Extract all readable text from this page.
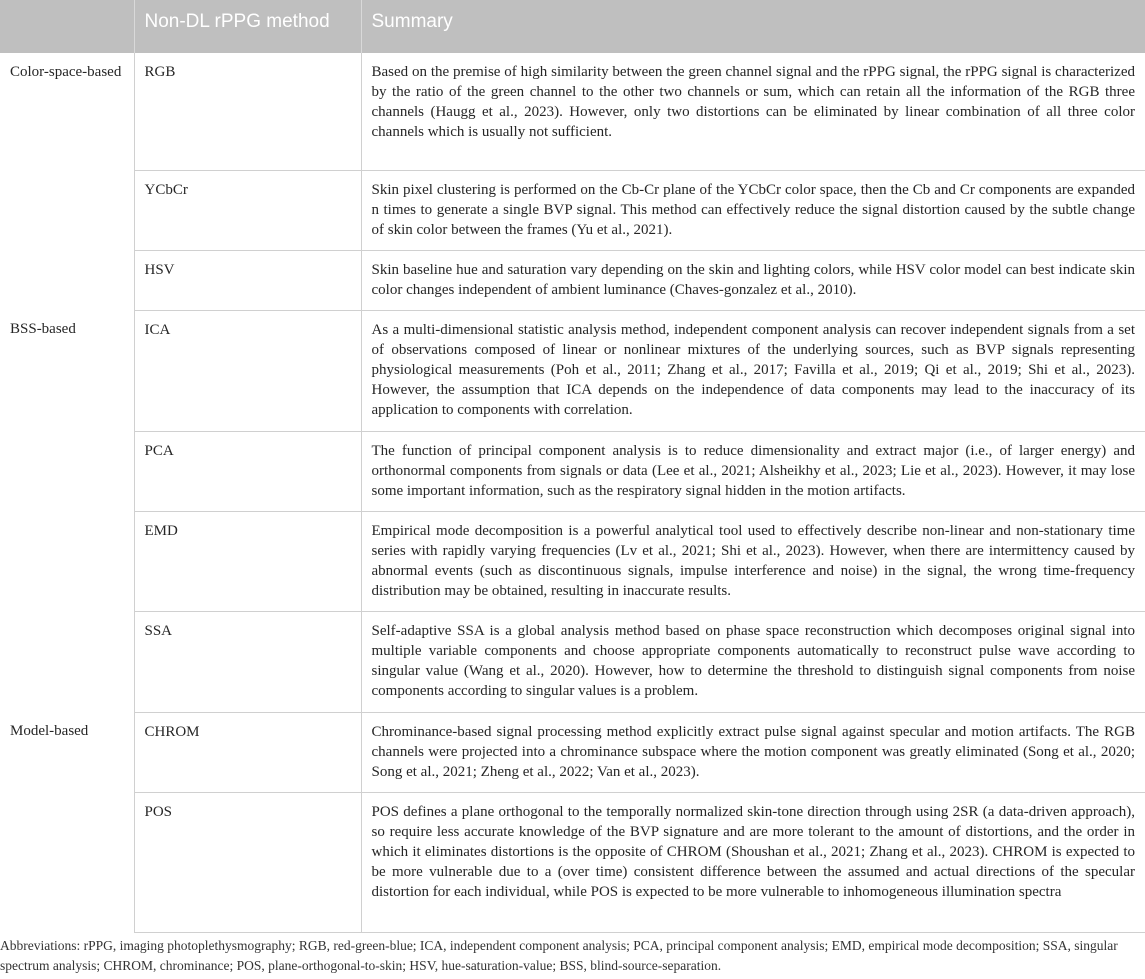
	Non-DL rPPG method	Summary
Color-space-based	RGB	Based on the premise of high similarity between the green channel signal and the rPPG signal, the rPPG signal is characterized by the ratio of the green channel to the other two channels or sum, which can retain all the information of the RGB three channels (Haugg et al., 2023). However, only two distortions can be eliminated by linear combination of all three color channels which is usually not sufficient.
	YCbCr	Skin pixel clustering is performed on the Cb-Cr plane of the YCbCr color space, then the Cb and Cr components are expanded n times to generate a single BVP signal. This method can effectively reduce the signal distortion caused by the subtle change of skin color between the frames (Yu et al., 2021).
	HSV	Skin baseline hue and saturation vary depending on the skin and lighting colors, while HSV color model can best indicate skin color changes independent of ambient luminance (Chaves-gonzalez et al., 2010).
BSS-based	ICA	As a multi-dimensional statistic analysis method, independent component analysis can recover independent signals from a set of observations composed of linear or nonlinear mixtures of the underlying sources, such as BVP signals representing physiological measurements (Poh et al., 2011; Zhang et al., 2017; Favilla et al., 2019; Qi et al., 2019; Shi et al., 2023). However, the assumption that ICA depends on the independence of data components may lead to the inaccuracy of its application to components with correlation.
	PCA	The function of principal component analysis is to reduce dimensionality and extract major (i.e., of larger energy) and orthonormal components from signals or data (Lee et al., 2021; Alsheikhy et al., 2023; Lie et al., 2023). However, it may lose some important information, such as the respiratory signal hidden in the motion artifacts.
	EMD	Empirical mode decomposition is a powerful analytical tool used to effectively describe non-linear and non-stationary time series with rapidly varying frequencies (Lv et al., 2021; Shi et al., 2023). However, when there are intermittency caused by abnormal events (such as discontinuous signals, impulse interference and noise) in the signal, the wrong time-frequency distribution may be obtained, resulting in inaccurate results.
	SSA	Self-adaptive SSA is a global analysis method based on phase space reconstruction which decomposes original signal into multiple variable components and choose appropriate components automatically to reconstruct pulse wave according to singular value (Wang et al., 2020). However, how to determine the threshold to distinguish signal components from noise components according to singular values is a problem.
Model-based	CHROM	Chrominance-based signal processing method explicitly extract pulse signal against specular and motion artifacts. The RGB channels were projected into a chrominance subspace where the motion component was greatly eliminated (Song et al., 2020; Song et al., 2021; Zheng et al., 2022; Van et al., 2023).
	POS	POS defines a plane orthogonal to the temporally normalized skin-tone direction through using 2SR (a data-driven approach), so require less accurate knowledge of the BVP signature and are more tolerant to the amount of distortions, and the order in which it eliminates distortions is the opposite of CHROM (Shoushan et al., 2021; Zhang et al., 2023). CHROM is expected to be more vulnerable due to a (over time) consistent difference between the assumed and actual directions of the specular distortion for each individual, while POS is expected to be more vulnerable to inhomogeneous illumination spectra
Abbreviations: rPPG, imaging photoplethysmography; RGB, red-green-blue; ICA, independent component analysis; PCA, principal component analysis; EMD, empirical mode decomposition; SSA, singular spectrum analysis; CHROM, chrominance; POS, plane-orthogonal-to-skin; HSV, hue-saturation-value; BSS, blind-source-separation.
